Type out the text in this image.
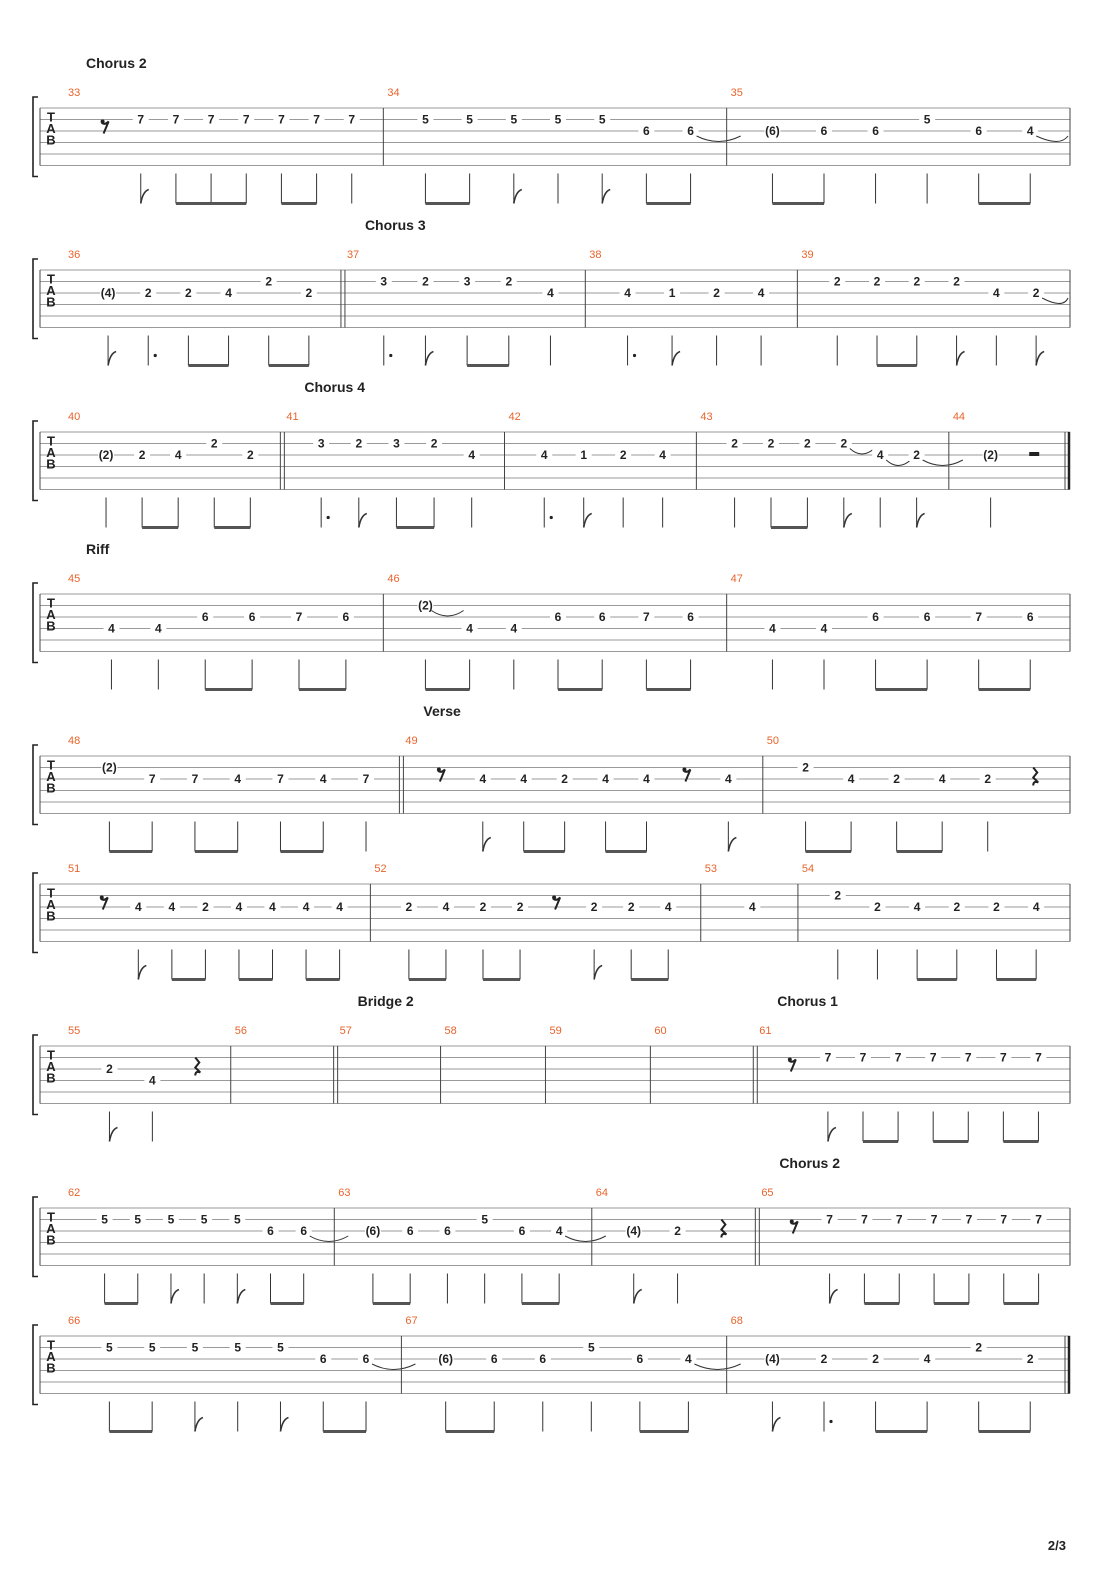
T
A
B
33
7 7 7 7 7 7 7
34
5	5	5	5	5
6	6
35
(6)	6	6
5
6	4
Chorus 2
T
A
B
36
(4) 2	2	4
2
2
37
3	2	3	2
4
38
4	1	2	4
39
2	2	2	2
4	2
Chorus 3
T
A
B
40
(2) 2 4
2
2
41
3	2	3	2
4
42
4	1	2	4
43
2 2 2 2
4 2
44
(2)
Chorus 4
T
A
B
45
4	4
6	6	7	6
46
(2)
4	4
6	6	7	6
47
4	4
6	6	7	6
Riff
T
A
B
48
(2)
7	7	4	7	4	7
49
4	4	2	4	4	4
50
2
4	2	4	2
Verse
T
A
B
51
4 4 2 4 4 4 4
52
2	4	2	2	2	2	4
53
4
54
2
2	4	2	2	4
T
A
B
55
2
4
56	57	58	59	60	61
7 7 7 7 7 7 7
Bridge 2	Chorus 1
T
A
B
62
5 5 5 5 5
6 6
63
(6) 6	6
5
6	4
64
(4)	2
65
7 7 7 7 7 7 7
Chorus 2
T
A
B
66
5	5	5	5	5
6	6
67
(6)	6	6
5
6	4
68
(4)	2	2	4
2
2
2/3
